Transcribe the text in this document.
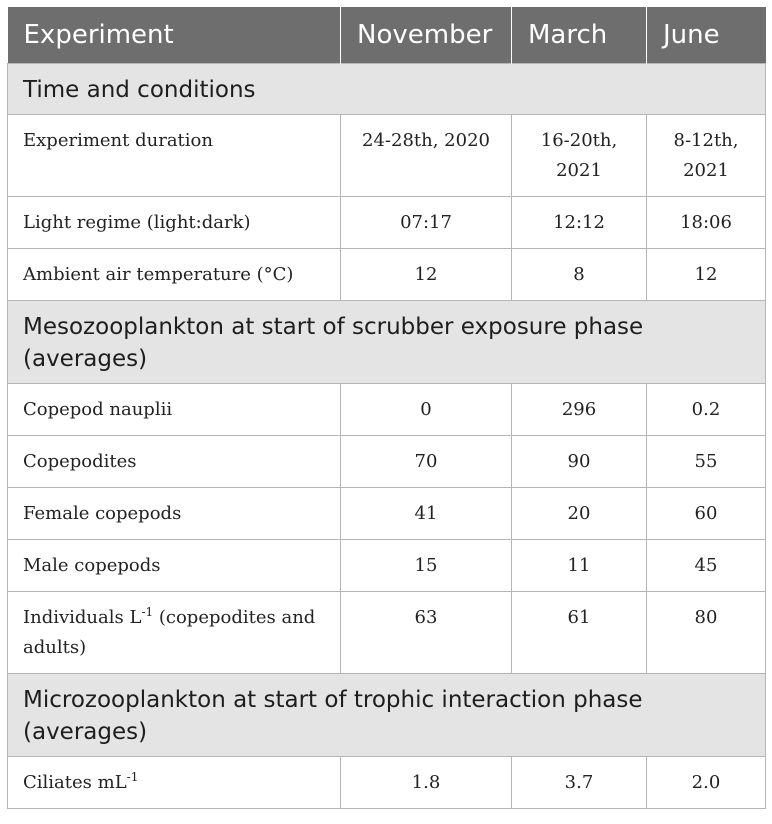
Experiment	November	March	June
Time and conditions			
Experiment duration	24-28th, 2020	16-20th, 2021	8-12th, 2021
Light regime (light:dark)	07:17	12:12	18:06
Ambient air temperature (°C)	12	8	12
Mesozooplankton at start of scrubber exposure phase (averages)			
Copepod nauplii	0	296	0.2
Copepodites	70	90	55
Female copepods	41	20	60
Male copepods	15	11	45
Individuals $L^{-1}$ (copepodites and adults)	63	61	80
Microzooplankton at start of trophic interaction phase (averages)			
Ciliates $mL^{-1}$	1.8	3.7	2.0
